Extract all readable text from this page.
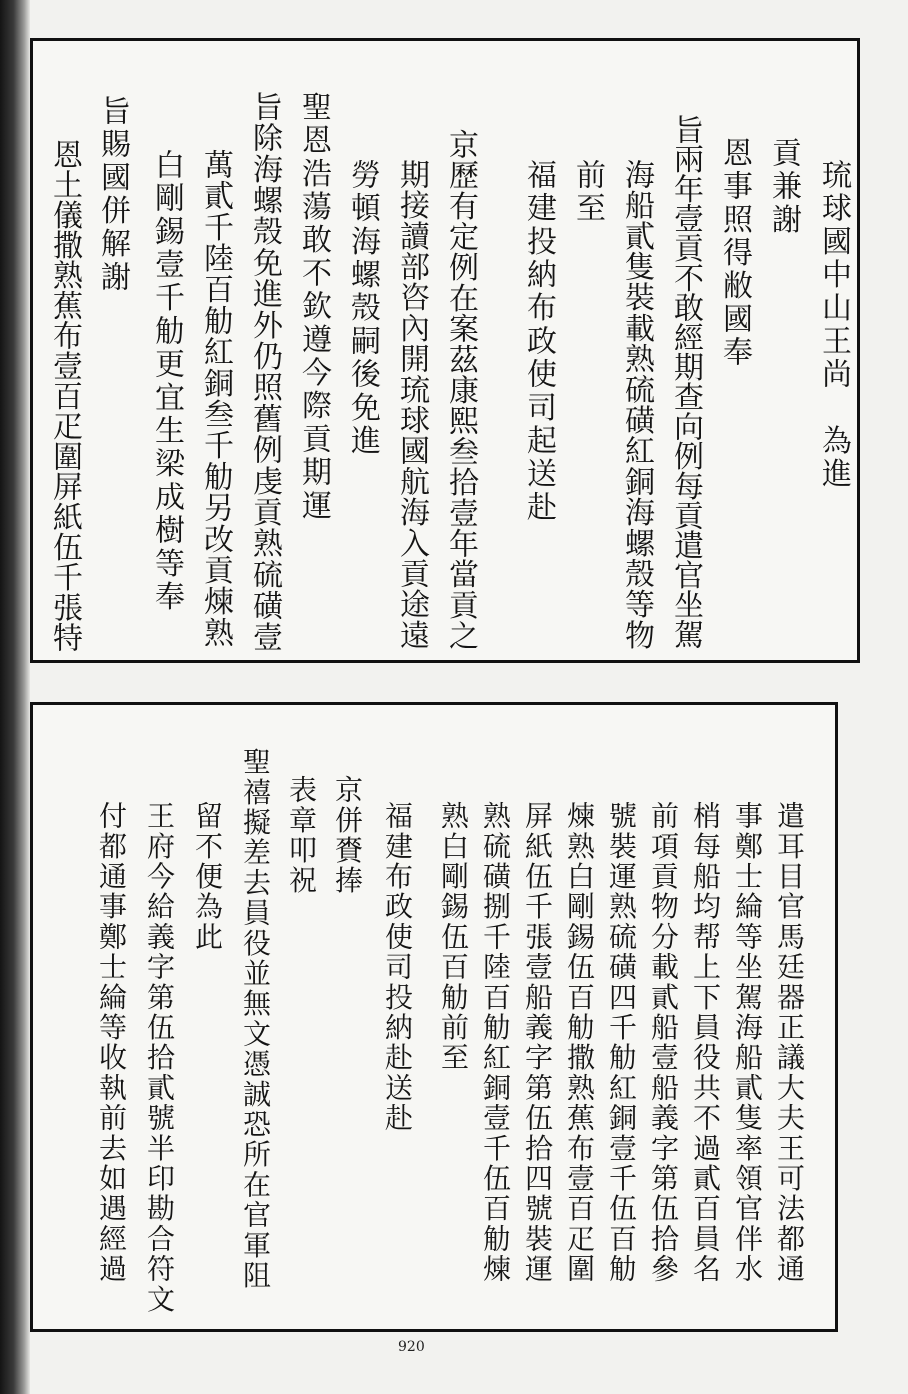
琉球國中山王尚　為進
貢兼謝
恩事照得敝國奉
旨兩年壹貢不敢經期查向例每貢遣官坐駕
海船貳隻裝載熟硫磺紅銅海螺殼等物
前至
福建投納布政使司起送赴
京歷有定例在案茲康熙叁拾壹年當貢之
期接讀部咨內開琉球國航海入貢途遠
勞頓海螺殼嗣後免進
聖恩浩蕩敢不欽遵今際貢期運
旨除海螺殼免進外仍照舊例虔貢熟硫磺壹
萬貳千陸百觔紅銅叁千觔另改貢煉熟
白剛錫壹千觔更宜生梁成樹等奉
旨賜國併解謝
恩土儀撒熟蕉布壹百疋圍屏紙伍千張特
遣耳目官馬廷器正議大夫王可法都通
事鄭士綸等坐駕海船貳隻率領官伴水
梢每船均帮上下員役共不過貳百員名
前項貢物分載貳船壹船義字第伍拾參
號裝運熟硫磺四千觔紅銅壹千伍百觔
煉熟白剛錫伍百觔撒熟蕉布壹百疋圍
屏紙伍千張壹船義字第伍拾四號裝運
熟硫磺捌千陸百觔紅銅壹千伍百觔煉
熟白剛錫伍百觔前至
福建布政使司投納赴送赴
京併賚捧
表章叩祝
聖禧擬差去員役並無文憑誠恐所在官軍阻
留不便為此
王府今給義字第伍拾貳號半印勘合符文
付都通事鄭士綸等收執前去如遇經過
920
